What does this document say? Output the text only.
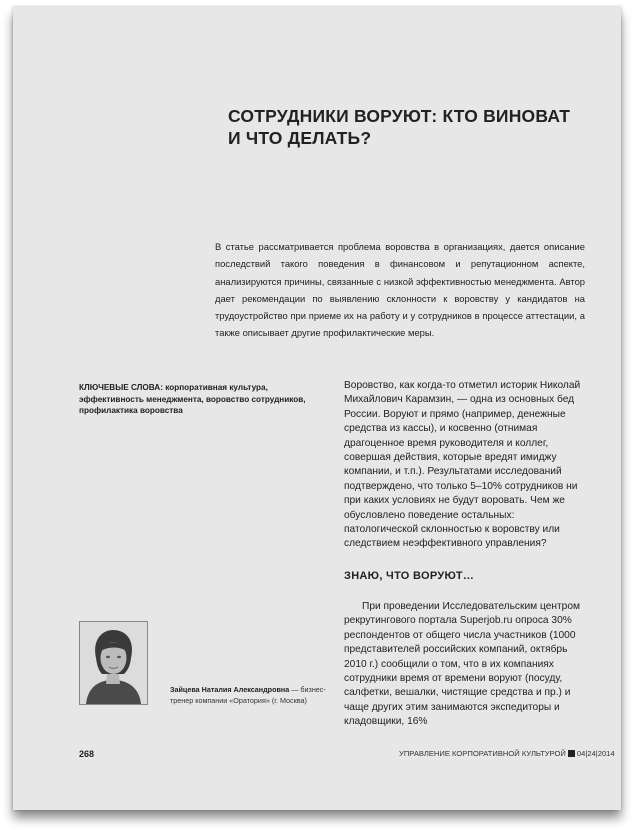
СОТРУДНИКИ ВОРУЮТ: КТО ВИНОВАТ
И ЧТО ДЕЛАТЬ?

В статье рассматривается проблема воровства в организациях, дается описание последствий такого поведения в финансовом и репутационном аспекте, анализируются причины, связанные с низкой эффективностью менеджмента. Автор дает рекомендации по выявлению склонности к воровству у кандидатов на трудоустройство при приеме их на работу и у сотрудников в процессе аттестации, а также описывает другие профилактические меры.

КЛЮЧЕВЫЕ СЛОВА: корпоративная культура, эффективность менеджмента, воровство сотрудников, профилактика воровства

Воровство, как когда-то отметил историк Николай Михайлович Карамзин, — одна из основных бед России. Воруют и прямо (например, денежные средства из кассы), и косвенно (отнимая драгоценное время руководителя и коллег, совершая действия, которые вредят имиджу компании, и т.п.). Результатами исследований подтверждено, что только 5–10% сотрудников ни при каких условиях не будут воровать. Чем же обусловлено поведение остальных: патологической склонностью к воровству или следствием неэффективного управления?

ЗНАЮ, ЧТО ВОРУЮТ…

При проведении Исследовательским центром рекрутингового портала Superjob.ru опроса 30% респондентов от общего числа участников (1000 представителей российских компаний, октябрь 2010 г.) сообщили о том, что в их компаниях сотрудники время от времени воруют (посуду, салфетки, вешалки, чистящие средства и пр.) и чаще других этим занимаются экспедиторы и кладовщики, 16%

Зайцева Наталия Александровна — бизнес-тренер компании «Оратория» (г. Москва)

268	УПРАВЛЕНИЕ КОРПОРАТИВНОЙ КУЛЬТУРОЙ 04|24|2014
